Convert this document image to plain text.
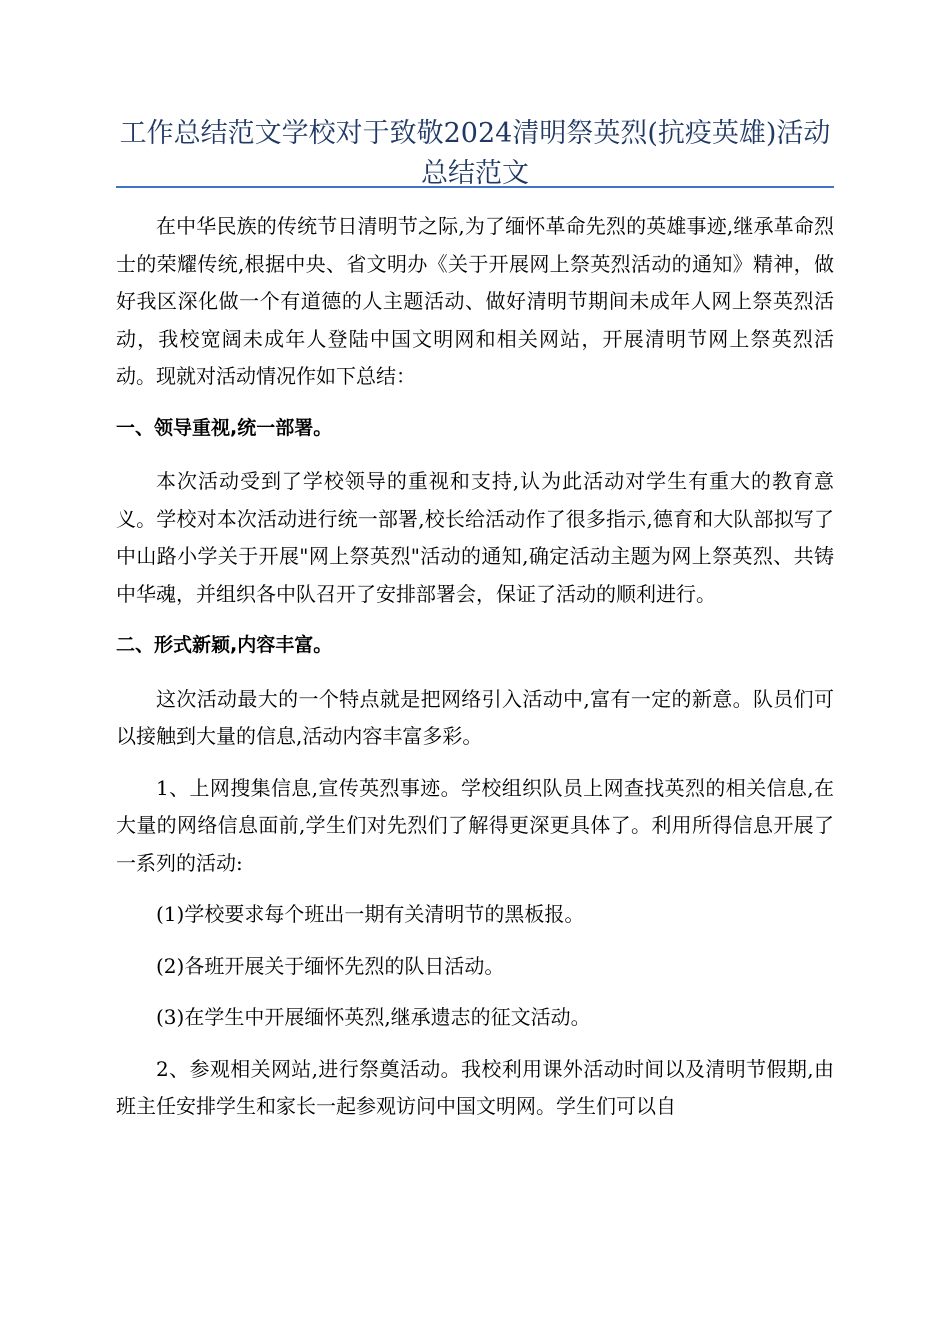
工作总结范文学校对于致敬2024清明祭英烈(抗疫英雄)活动总结范文

在中华民族的传统节日清明节之际,为了缅怀革命先烈的英雄事迹,继承革命烈士的荣耀传统,根据中央、省文明办《关于开展网上祭英烈活动的通知》精神，做好我区深化做一个有道德的人主题活动、做好清明节期间未成年人网上祭英烈活动，我校宽阔未成年人登陆中国文明网和相关网站，开展清明节网上祭英烈活动。现就对活动情况作如下总结：

一、领导重视,统一部署。

本次活动受到了学校领导的重视和支持,认为此活动对学生有重大的教育意义。学校对本次活动进行统一部署,校长给活动作了很多指示,德育和大队部拟写了中山路小学关于开展"网上祭英烈"活动的通知,确定活动主题为网上祭英烈、共铸中华魂，并组织各中队召开了安排部署会，保证了活动的顺利进行。

二、形式新颖,内容丰富。

这次活动最大的一个特点就是把网络引入活动中,富有一定的新意。队员们可以接触到大量的信息,活动内容丰富多彩。

1、上网搜集信息,宣传英烈事迹。学校组织队员上网查找英烈的相关信息,在大量的网络信息面前,学生们对先烈们了解得更深更具体了。利用所得信息开展了一系列的活动:

(1)学校要求每个班出一期有关清明节的黑板报。

(2)各班开展关于缅怀先烈的队日活动。

(3)在学生中开展缅怀英烈,继承遗志的征文活动。

2、参观相关网站,进行祭奠活动。我校利用课外活动时间以及清明节假期,由班主任安排学生和家长一起参观访问中国文明网。学生们可以自
